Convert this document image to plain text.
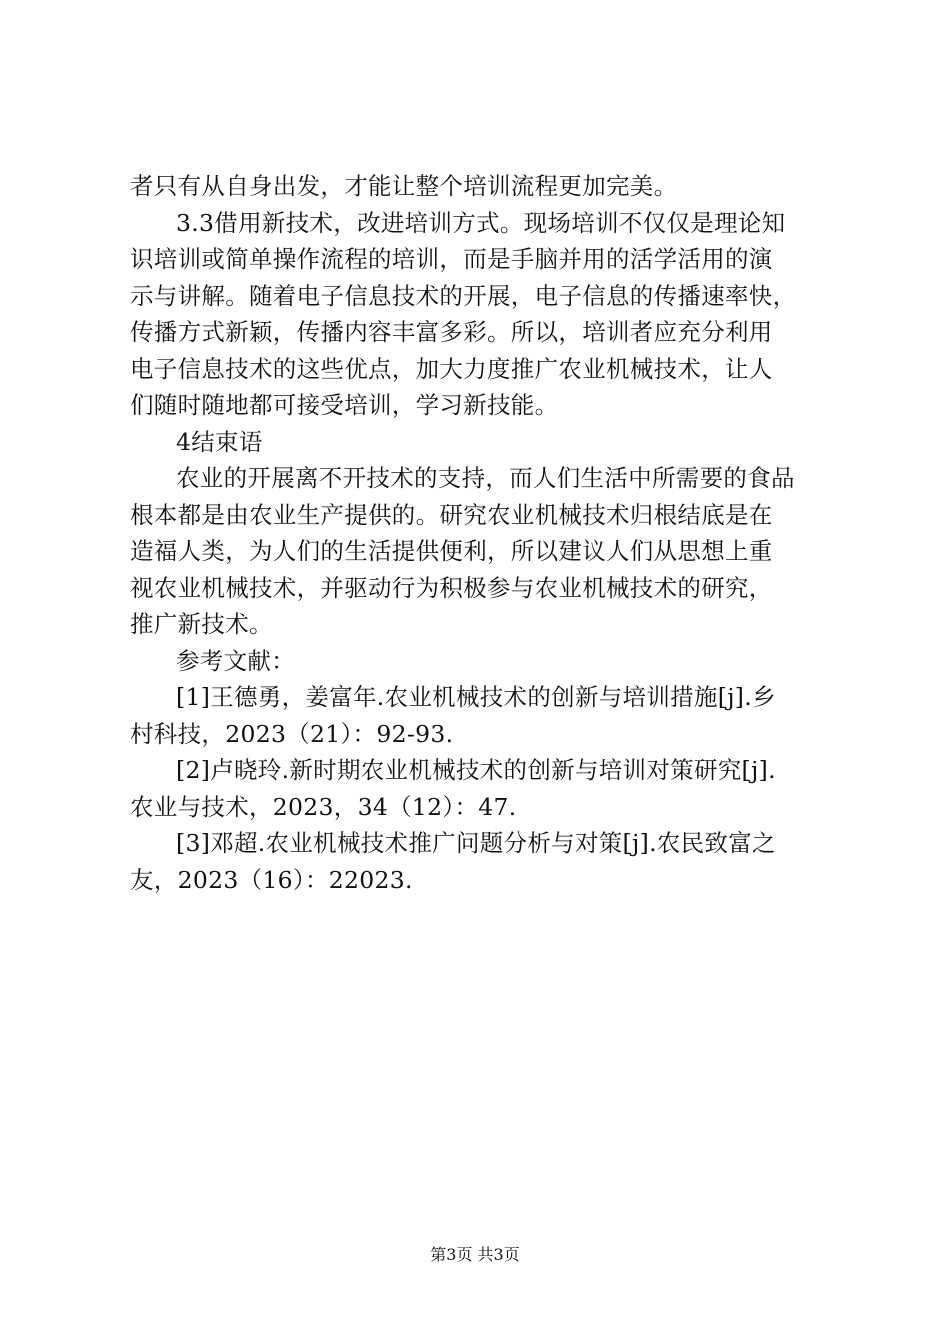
者只有从自身出发，才能让整个培训流程更加完美。
3.3借用新技术，改进培训方式。现场培训不仅仅是理论知
识培训或简单操作流程的培训，而是手脑并用的活学活用的演
示与讲解。随着电子信息技术的开展，电子信息的传播速率快，
传播方式新颖，传播内容丰富多彩。所以，培训者应充分利用
电子信息技术的这些优点，加大力度推广农业机械技术，让人
们随时随地都可接受培训，学习新技能。
4结束语
农业的开展离不开技术的支持，而人们生活中所需要的食品
根本都是由农业生产提供的。研究农业机械技术归根结底是在
造福人类，为人们的生活提供便利，所以建议人们从思想上重
视农业机械技术，并驱动行为积极参与农业机械技术的研究，
推广新技术。
参考文献：
[1]王德勇，姜富年.农业机械技术的创新与培训措施[j].乡
村科技，2023（21）：92-93.
[2]卢晓玲.新时期农业机械技术的创新与培训对策研究[j].
农业与技术，2023，34（12）：47.
[3]邓超.农业机械技术推广问题分析与对策[j].农民致富之
友，2023（16）：22023.
第3页 共3页
